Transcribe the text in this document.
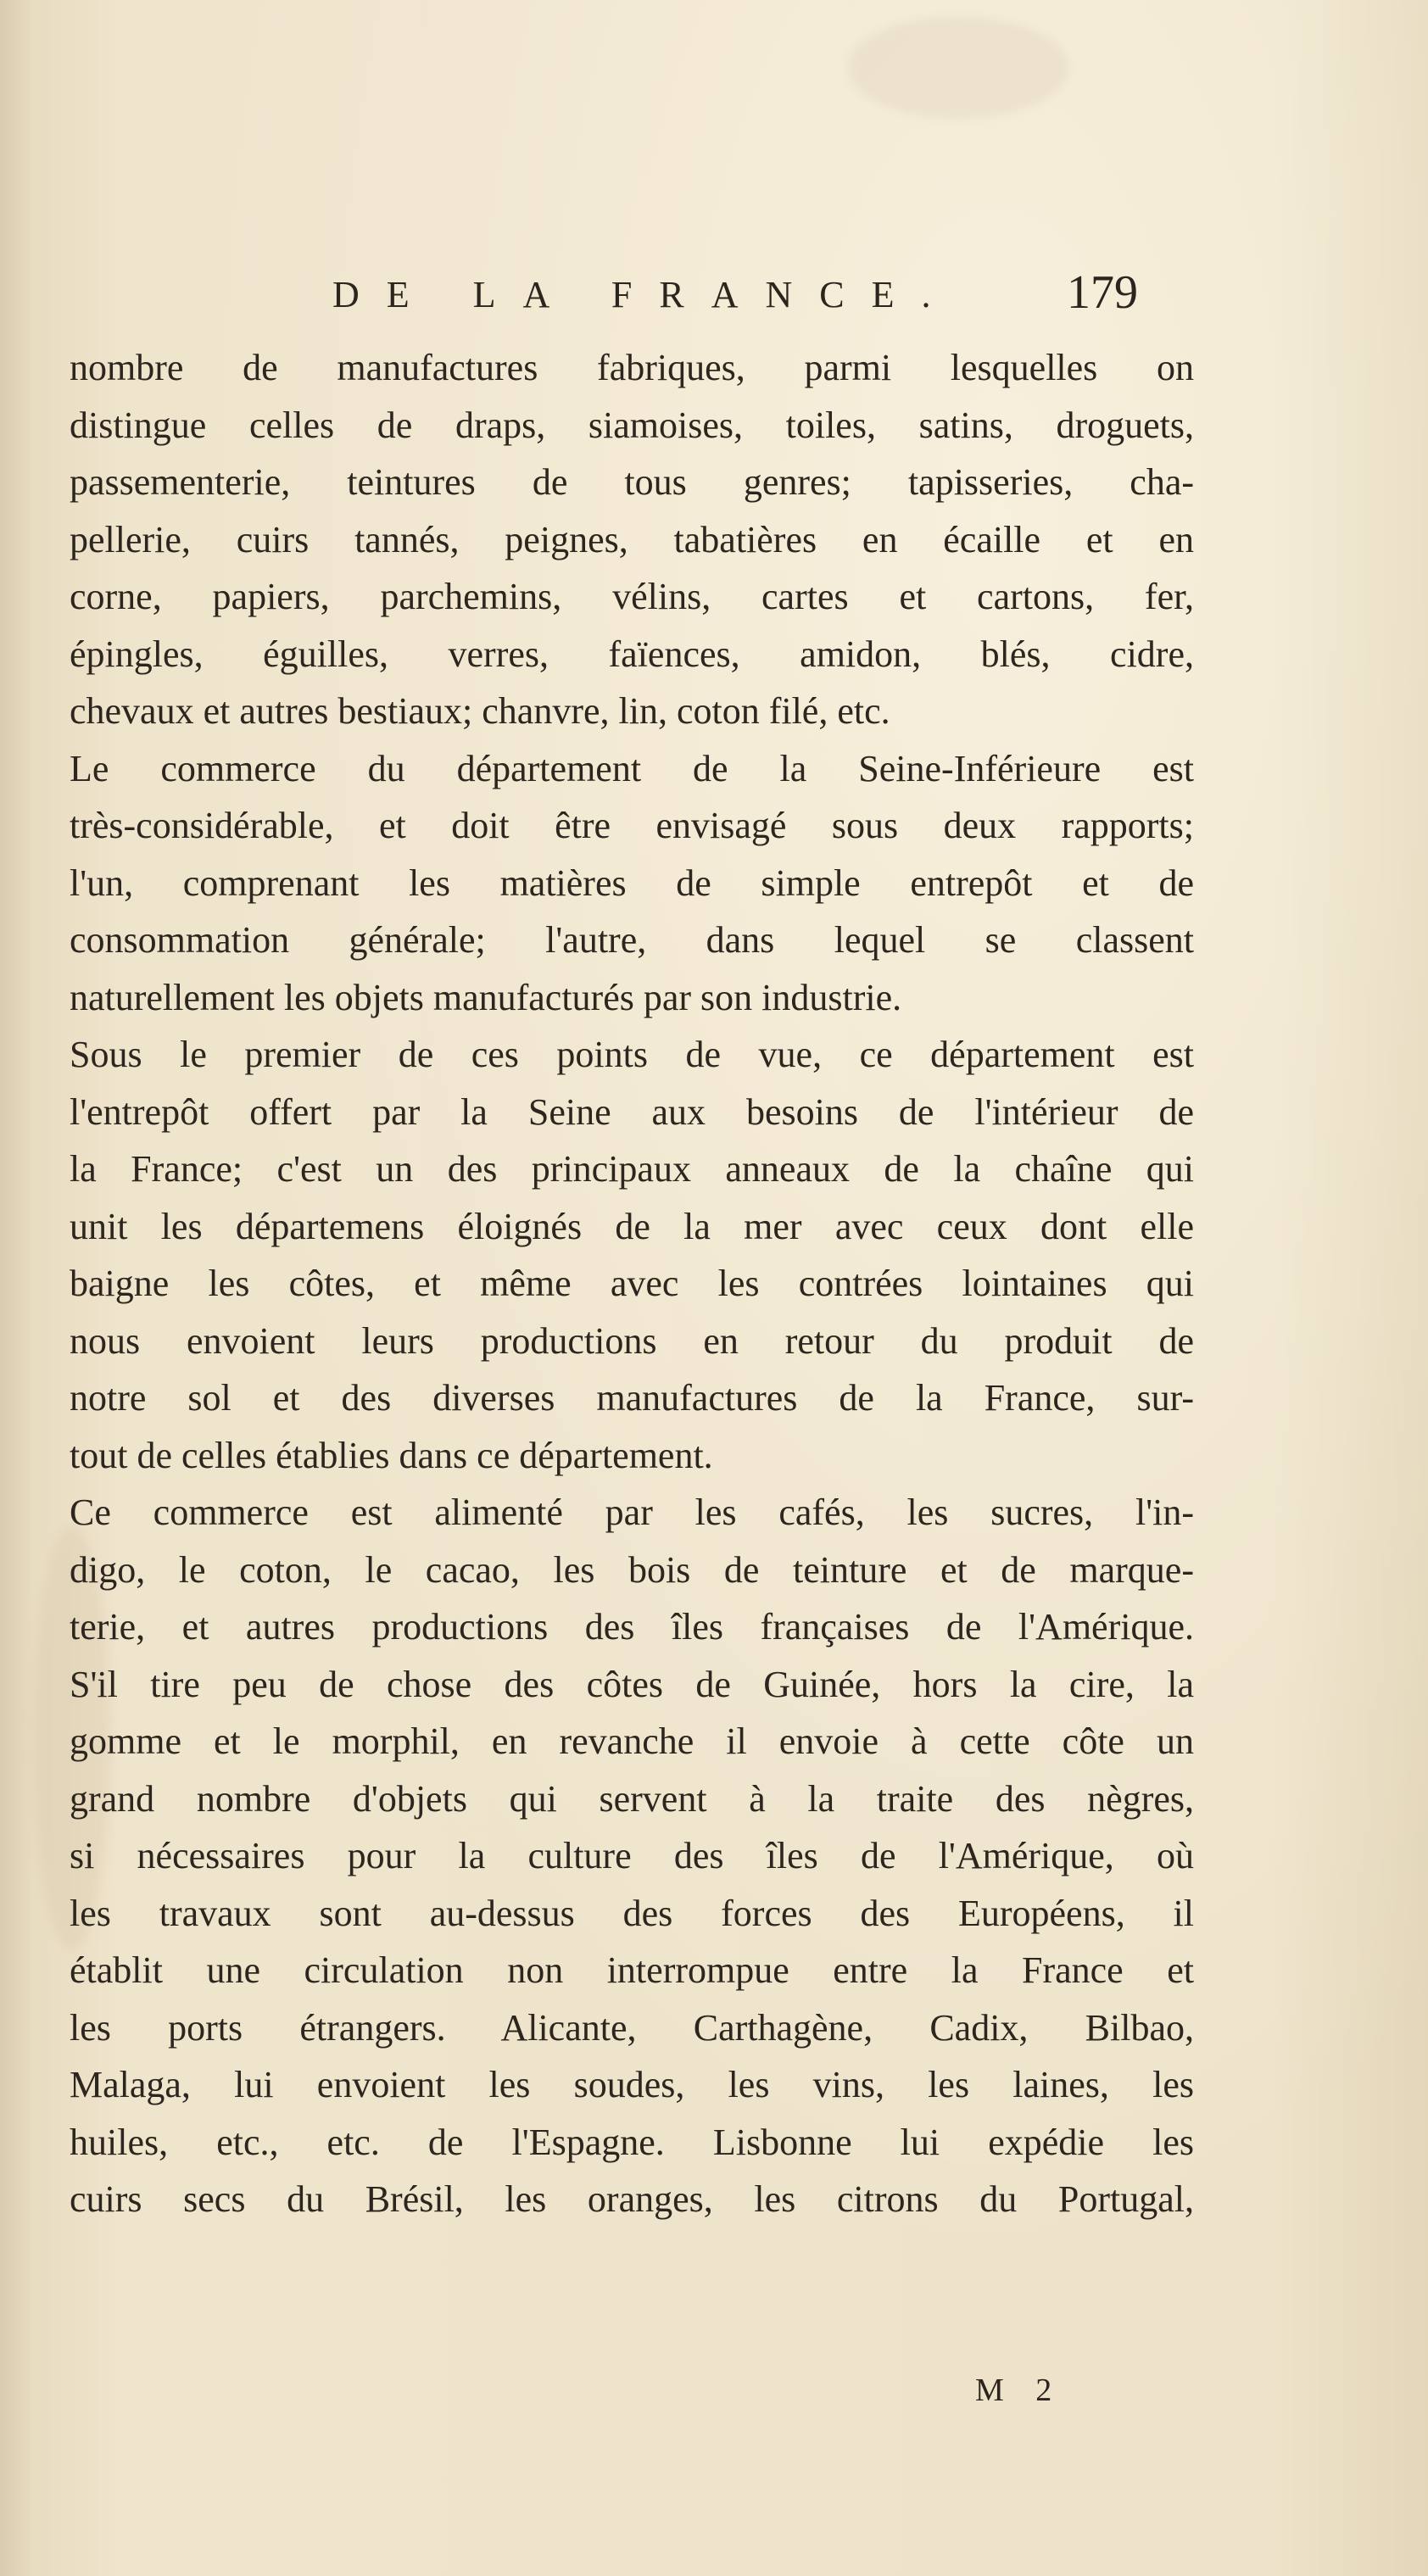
DE LA FRANCE. 179
nombre de manufactures fabriques, parmi lesquelles on
distingue celles de draps, siamoises, toiles, satins, droguets,
passementerie, teintures de tous genres; tapisseries, cha-
pellerie, cuirs tannés, peignes, tabatières en écaille et en
corne, papiers, parchemins, vélins, cartes et cartons, fer,
épingles, éguilles, verres, faïences, amidon, blés, cidre,
chevaux et autres bestiaux; chanvre, lin, coton filé, etc.
Le commerce du département de la Seine-Inférieure est
très-considérable, et doit être envisagé sous deux rapports;
l'un, comprenant les matières de simple entrepôt et de
consommation générale; l'autre, dans lequel se classent
naturellement les objets manufacturés par son industrie.
Sous le premier de ces points de vue, ce département est
l'entrepôt offert par la Seine aux besoins de l'intérieur de
la France; c'est un des principaux anneaux de la chaîne qui
unit les départemens éloignés de la mer avec ceux dont elle
baigne les côtes, et même avec les contrées lointaines qui
nous envoient leurs productions en retour du produit de
notre sol et des diverses manufactures de la France, sur-
tout de celles établies dans ce département.
Ce commerce est alimenté par les cafés, les sucres, l'in-
digo, le coton, le cacao, les bois de teinture et de marque-
terie, et autres productions des îles françaises de l'Amérique.
S'il tire peu de chose des côtes de Guinée, hors la cire, la
gomme et le morphil, en revanche il envoie à cette côte un
grand nombre d'objets qui servent à la traite des nègres,
si nécessaires pour la culture des îles de l'Amérique, où
les travaux sont au-dessus des forces des Européens, il
établit une circulation non interrompue entre la France et
les ports étrangers. Alicante, Carthagène, Cadix, Bilbao,
Malaga, lui envoient les soudes, les vins, les laines, les
huiles, etc., etc. de l'Espagne. Lisbonne lui expédie les
cuirs secs du Brésil, les oranges, les citrons du Portugal,
M 2
